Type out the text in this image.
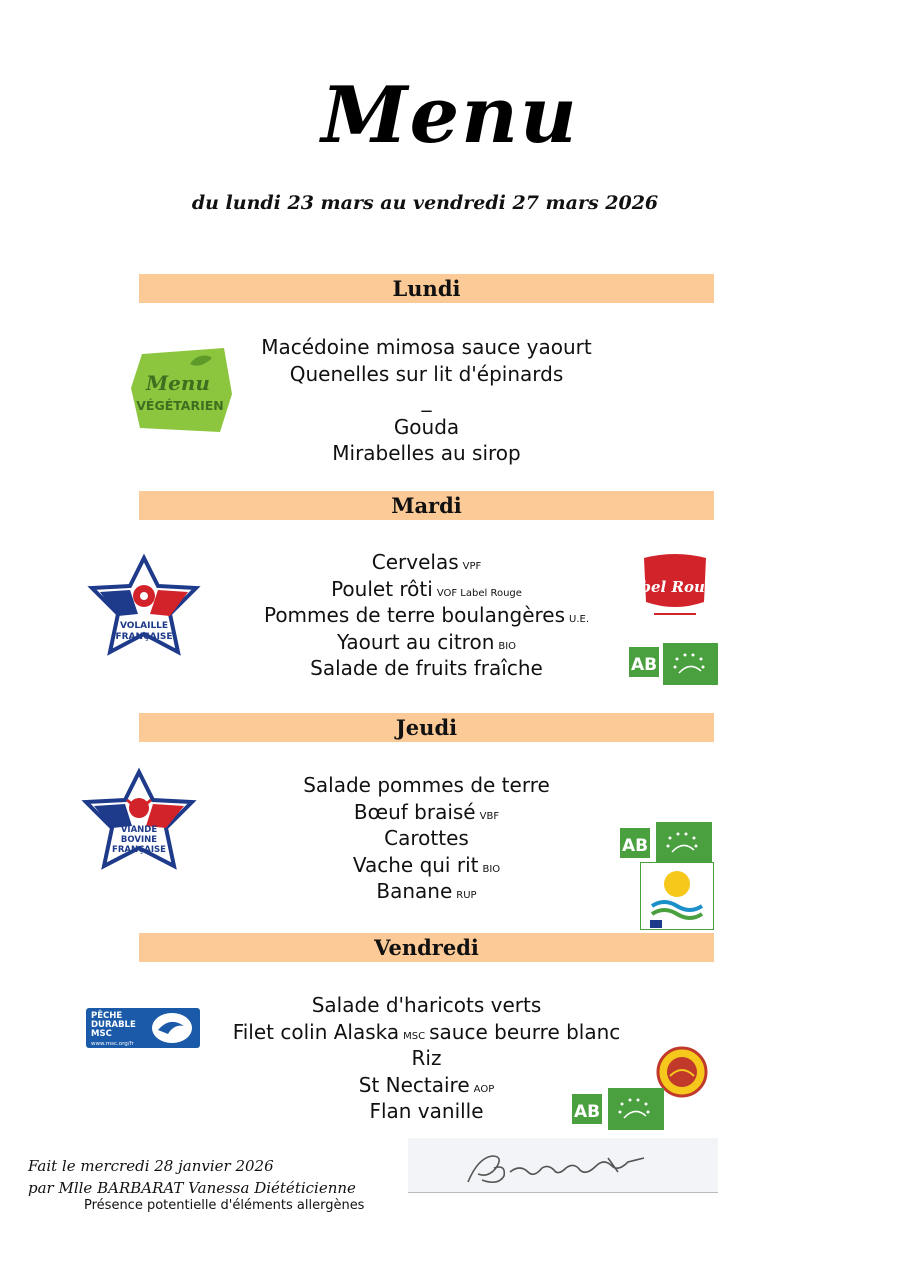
Menu
du lundi 23 mars au vendredi 27 mars 2026
Lundi
Macédoine mimosa sauce yaourt
Quenelles sur lit d'épinards
_
Gouda
Mirabelles au sirop
Menu
VÉGÉTARIEN
Mardi
Cervelas VPF
Poulet rôti VOF Label Rouge
Pommes de terre boulangères U.E.
Yaourt au citron BIO
Salade de fruits fraîche
VOLAILLE
FRANÇAISE
label Rouge
AB
Jeudi
Salade pommes de terre
Bœuf braisé VBF
Carottes
Vache qui rit BIO
Banane RUP
VIANDE
BOVINE
FRANÇAISE	AB
Vendredi
Salade d'haricots verts
Filet colin Alaska MSC sauce beurre blanc
Riz
St Nectaire AOP
Flan vanille
PÊCHE
DURABLE
MSC
www.msc.org/fr
AB
Fait le mercredi 28 janvier 2026
par Mlle BARBARAT Vanessa Diététicienne
Présence potentielle d'éléments allergènes
